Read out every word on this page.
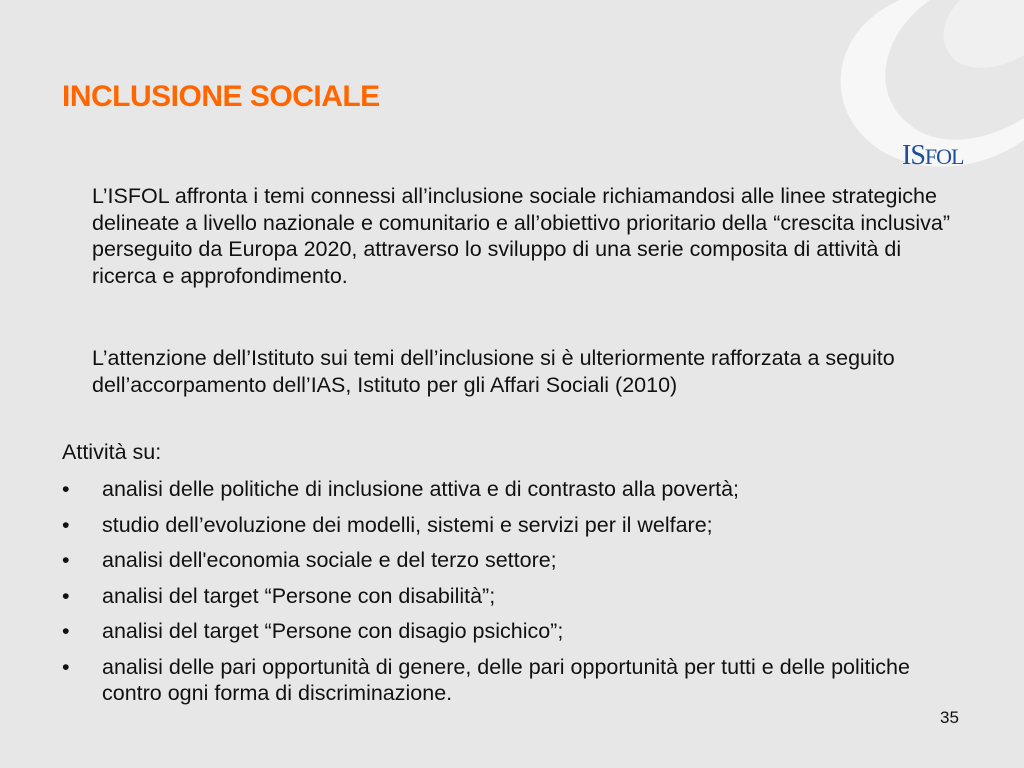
ISFOL
INCLUSIONE SOCIALE

L’ISFOL affronta i temi connessi all’inclusione sociale richiamandosi alle linee strategiche delineate a livello nazionale e comunitario e all’obiettivo prioritario della “crescita inclusiva” perseguito da Europa 2020, attraverso lo sviluppo di una serie composita di attività di ricerca e approfondimento.

L’attenzione dell’Istituto sui temi dell’inclusione si è ulteriormente rafforzata a seguito dell’accorpamento dell’IAS, Istituto per gli Affari Sociali (2010)

Attività su:

• analisi delle politiche di inclusione attiva e di contrasto alla povertà;
• studio dell’evoluzione dei modelli, sistemi e servizi per il welfare;
• analisi dell'economia sociale e del terzo settore;
• analisi del target “Persone con disabilità”;
• analisi del target “Persone con disagio psichico”;
• analisi delle pari opportunità di genere, delle pari opportunità per tutti e delle politiche contro ogni forma di discriminazione.
35
